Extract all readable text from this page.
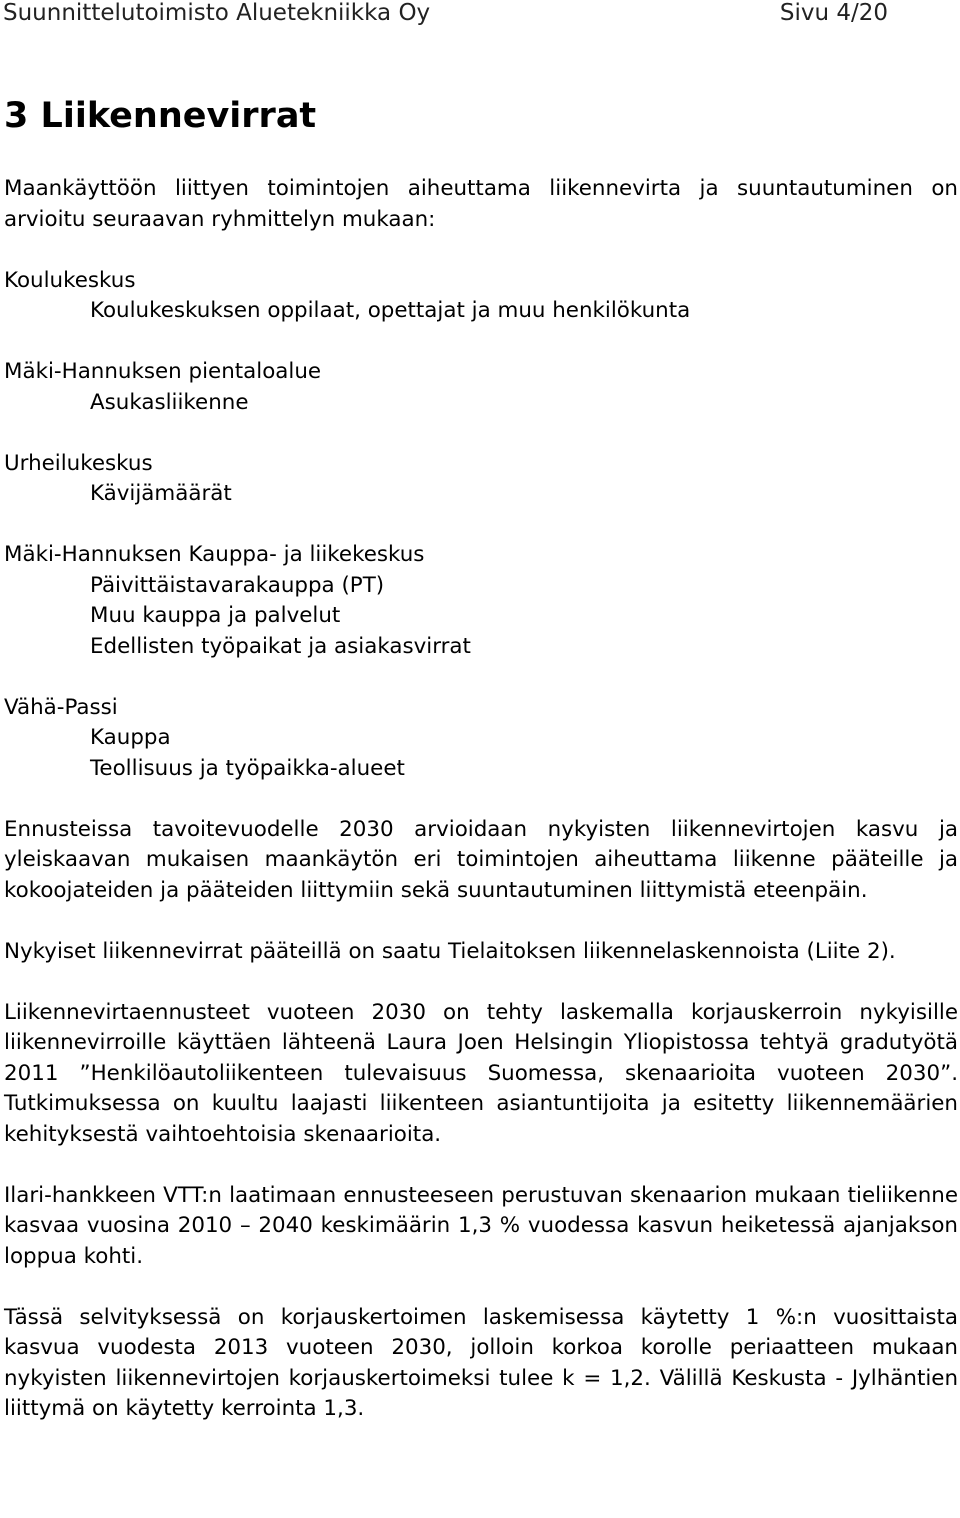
Suunnittelutoimisto Aluetekniikka Oy	Sivu 4/20
3 Liikennevirrat

Maankäyttöön liittyen toimintojen aiheuttama liikennevirta ja suuntautuminen on arvioitu seuraavan ryhmittelyn mukaan:

Koulukeskus
Koulukeskuksen oppilaat, opettajat ja muu henkilökunta
Mäki-Hannuksen pientaloalue
Asukasliikenne
Urheilukeskus
Kävijämäärät
Mäki-Hannuksen Kauppa- ja liikekeskus
Päivittäistavarakauppa (PT)
Muu kauppa ja palvelut
Edellisten työpaikat ja asiakasvirrat
Vähä-Passi
Kauppa
Teollisuus ja työpaikka-alueet

Ennusteissa tavoitevuodelle 2030 arvioidaan nykyisten liikennevirtojen kasvu ja yleiskaavan mukaisen maankäytön eri toimintojen aiheuttama liikenne pääteille ja kokoojateiden ja pääteiden liittymiin sekä suuntautuminen liittymistä eteenpäin.

Nykyiset liikennevirrat pääteillä on saatu Tielaitoksen liikennelaskennoista (Liite 2).

Liikennevirtaennusteet vuoteen 2030 on tehty laskemalla korjauskerroin nykyisille liikennevirroille käyttäen lähteenä Laura Joen Helsingin Yliopistossa tehtyä gradutyötä 2011 ”Henkilöautoliikenteen tulevaisuus Suomessa, skenaarioita vuoteen 2030”. Tutkimuksessa on kuultu laajasti liikenteen asiantuntijoita ja esitetty liikennemäärien kehityksestä vaihtoehtoisia skenaarioita.

Ilari-hankkeen VTT:n laatimaan ennusteeseen perustuvan skenaarion mukaan tieliikenne kasvaa vuosina 2010 – 2040 keskimäärin 1,3 % vuodessa kasvun heiketessä ajanjakson loppua kohti.

Tässä selvityksessä on korjauskertoimen laskemisessa käytetty 1 %:n vuosittaista kasvua vuodesta 2013 vuoteen 2030, jolloin korkoa korolle periaatteen mukaan nykyisten liikennevirtojen korjauskertoimeksi tulee k = 1,2. Välillä Keskusta - Jylhäntien liittymä on käytetty kerrointa 1,3.
